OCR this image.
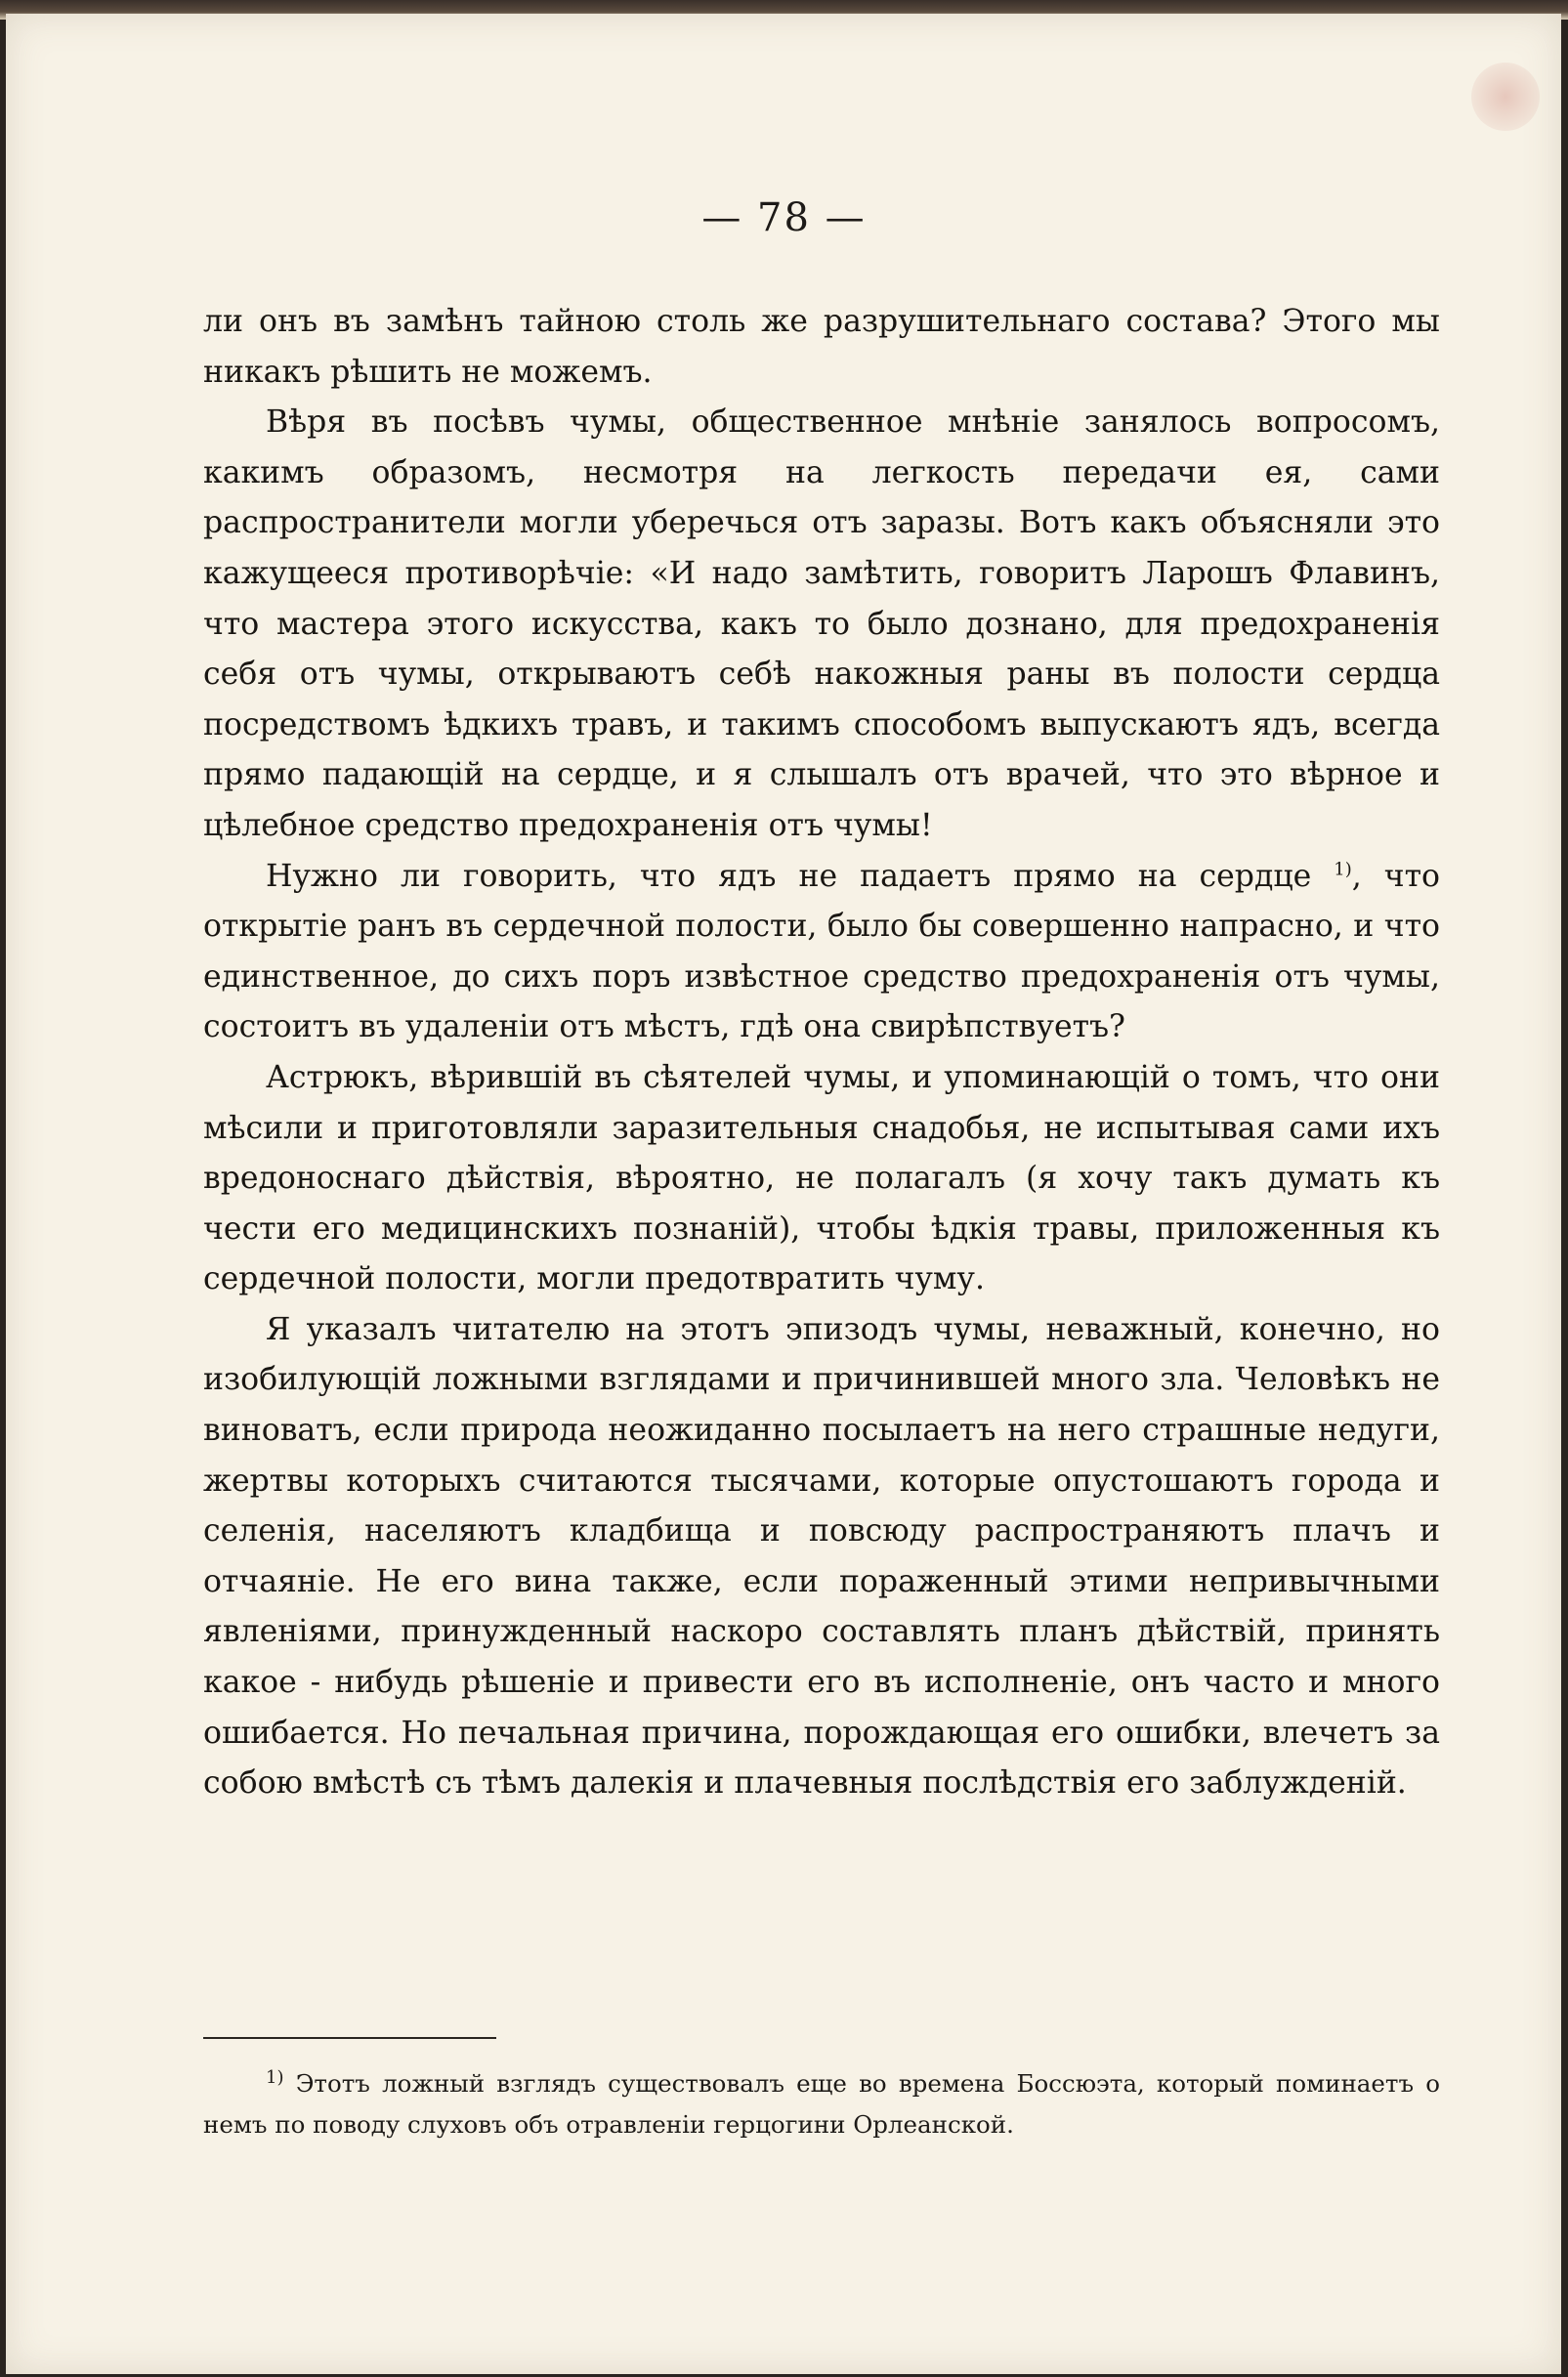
— 78 —

ли онъ въ замѣнъ тайною столь же разрушительнаго состава? Этого мы никакъ рѣшить не можемъ.

Вѣря въ посѣвъ чумы, общественное мнѣніе занялось вопросомъ, какимъ образомъ, несмотря на легкость передачи ея, сами распространители могли уберечься отъ заразы. Вотъ какъ объясняли это кажущееся противорѣчіе: «И надо замѣтить, говоритъ Ларошъ Флавинъ, что мастера этого искусства, какъ то было дознано, для предохраненія себя отъ чумы, открываютъ себѣ накожныя раны въ полости сердца посредствомъ ѣдкихъ травъ, и такимъ способомъ выпускаютъ ядъ, всегда прямо падающій на сердце, и я слышалъ отъ врачей, что это вѣрное и цѣлебное средство предохраненія отъ чумы!

Нужно ли говорить, что ядъ не падаетъ прямо на сердце $^{1)}$, что открытіе ранъ въ сердечной полости, было бы совершенно напрасно, и что единственное, до сихъ поръ извѣстное средство предохраненія отъ чумы, состоитъ въ удаленіи отъ мѣстъ, гдѣ она свирѣпствуетъ?

Астрюкъ, вѣрившій въ сѣятелей чумы, и упоминающій о томъ, что они мѣсили и приготовляли заразительныя снадобья, не испытывая сами ихъ вредоноснаго дѣйствія, вѣроятно, не полагалъ (я хочу такъ думать къ чести его медицинскихъ познаній), чтобы ѣдкія травы, приложенныя къ сердечной полости, могли предотвратить чуму.

Я указалъ читателю на этотъ эпизодъ чумы, неважный, конечно, но изобилующій ложными взглядами и причинившей много зла. Человѣкъ не виноватъ, если природа неожиданно посылаетъ на него страшные недуги, жертвы которыхъ считаются тысячами, которые опустошаютъ города и селенія, населяютъ кладбища и повсюду распространяютъ плачъ и отчаяніе. Не его вина также, если пораженный этими непривычными явленіями, принужденный наскоро составлять планъ дѣйствій, принять какое - нибудь рѣшеніе и привести его въ исполненіе, онъ часто и много ошибается. Но печальная причина, порождающая его ошибки, влечетъ за собою вмѣстѣ съ тѣмъ далекія и плачевныя послѣдствія его заблужденій.

$^{1)}$ Этотъ ложный взглядъ существовалъ еще во времена Боссюэта, который поминаетъ о немъ по поводу слуховъ объ отравленіи герцогини Орлеанской.
